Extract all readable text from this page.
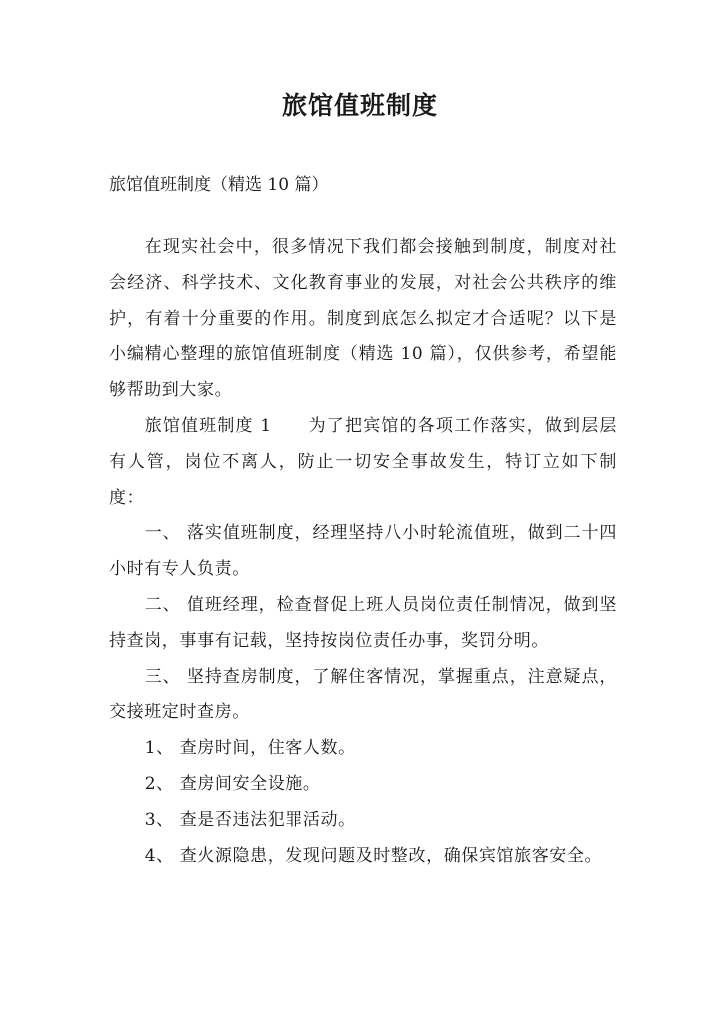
旅馆值班制度
旅馆值班制度（精选 10 篇）

在现实社会中，很多情况下我们都会接触到制度，制度对社会经济、科学技术、文化教育事业的发展，对社会公共秩序的维护，有着十分重要的作用。制度到底怎么拟定才合适呢？以下是小编精心整理的旅馆值班制度（精选 10 篇），仅供参考，希望能够帮助到大家。

旅馆值班制度 1　　为了把宾馆的各项工作落实，做到层层有人管，岗位不离人，防止一切安全事故发生，特订立如下制度：

一、 落实值班制度，经理坚持八小时轮流值班，做到二十四小时有专人负责。

二、 值班经理，检查督促上班人员岗位责任制情况，做到坚持查岗，事事有记载，坚持按岗位责任办事，奖罚分明。

三、 坚持查房制度，了解住客情况，掌握重点，注意疑点，交接班定时查房。

1、 查房时间，住客人数。

2、 查房间安全设施。

3、 查是否违法犯罪活动。

4、 查火源隐患，发现问题及时整改，确保宾馆旅客安全。
